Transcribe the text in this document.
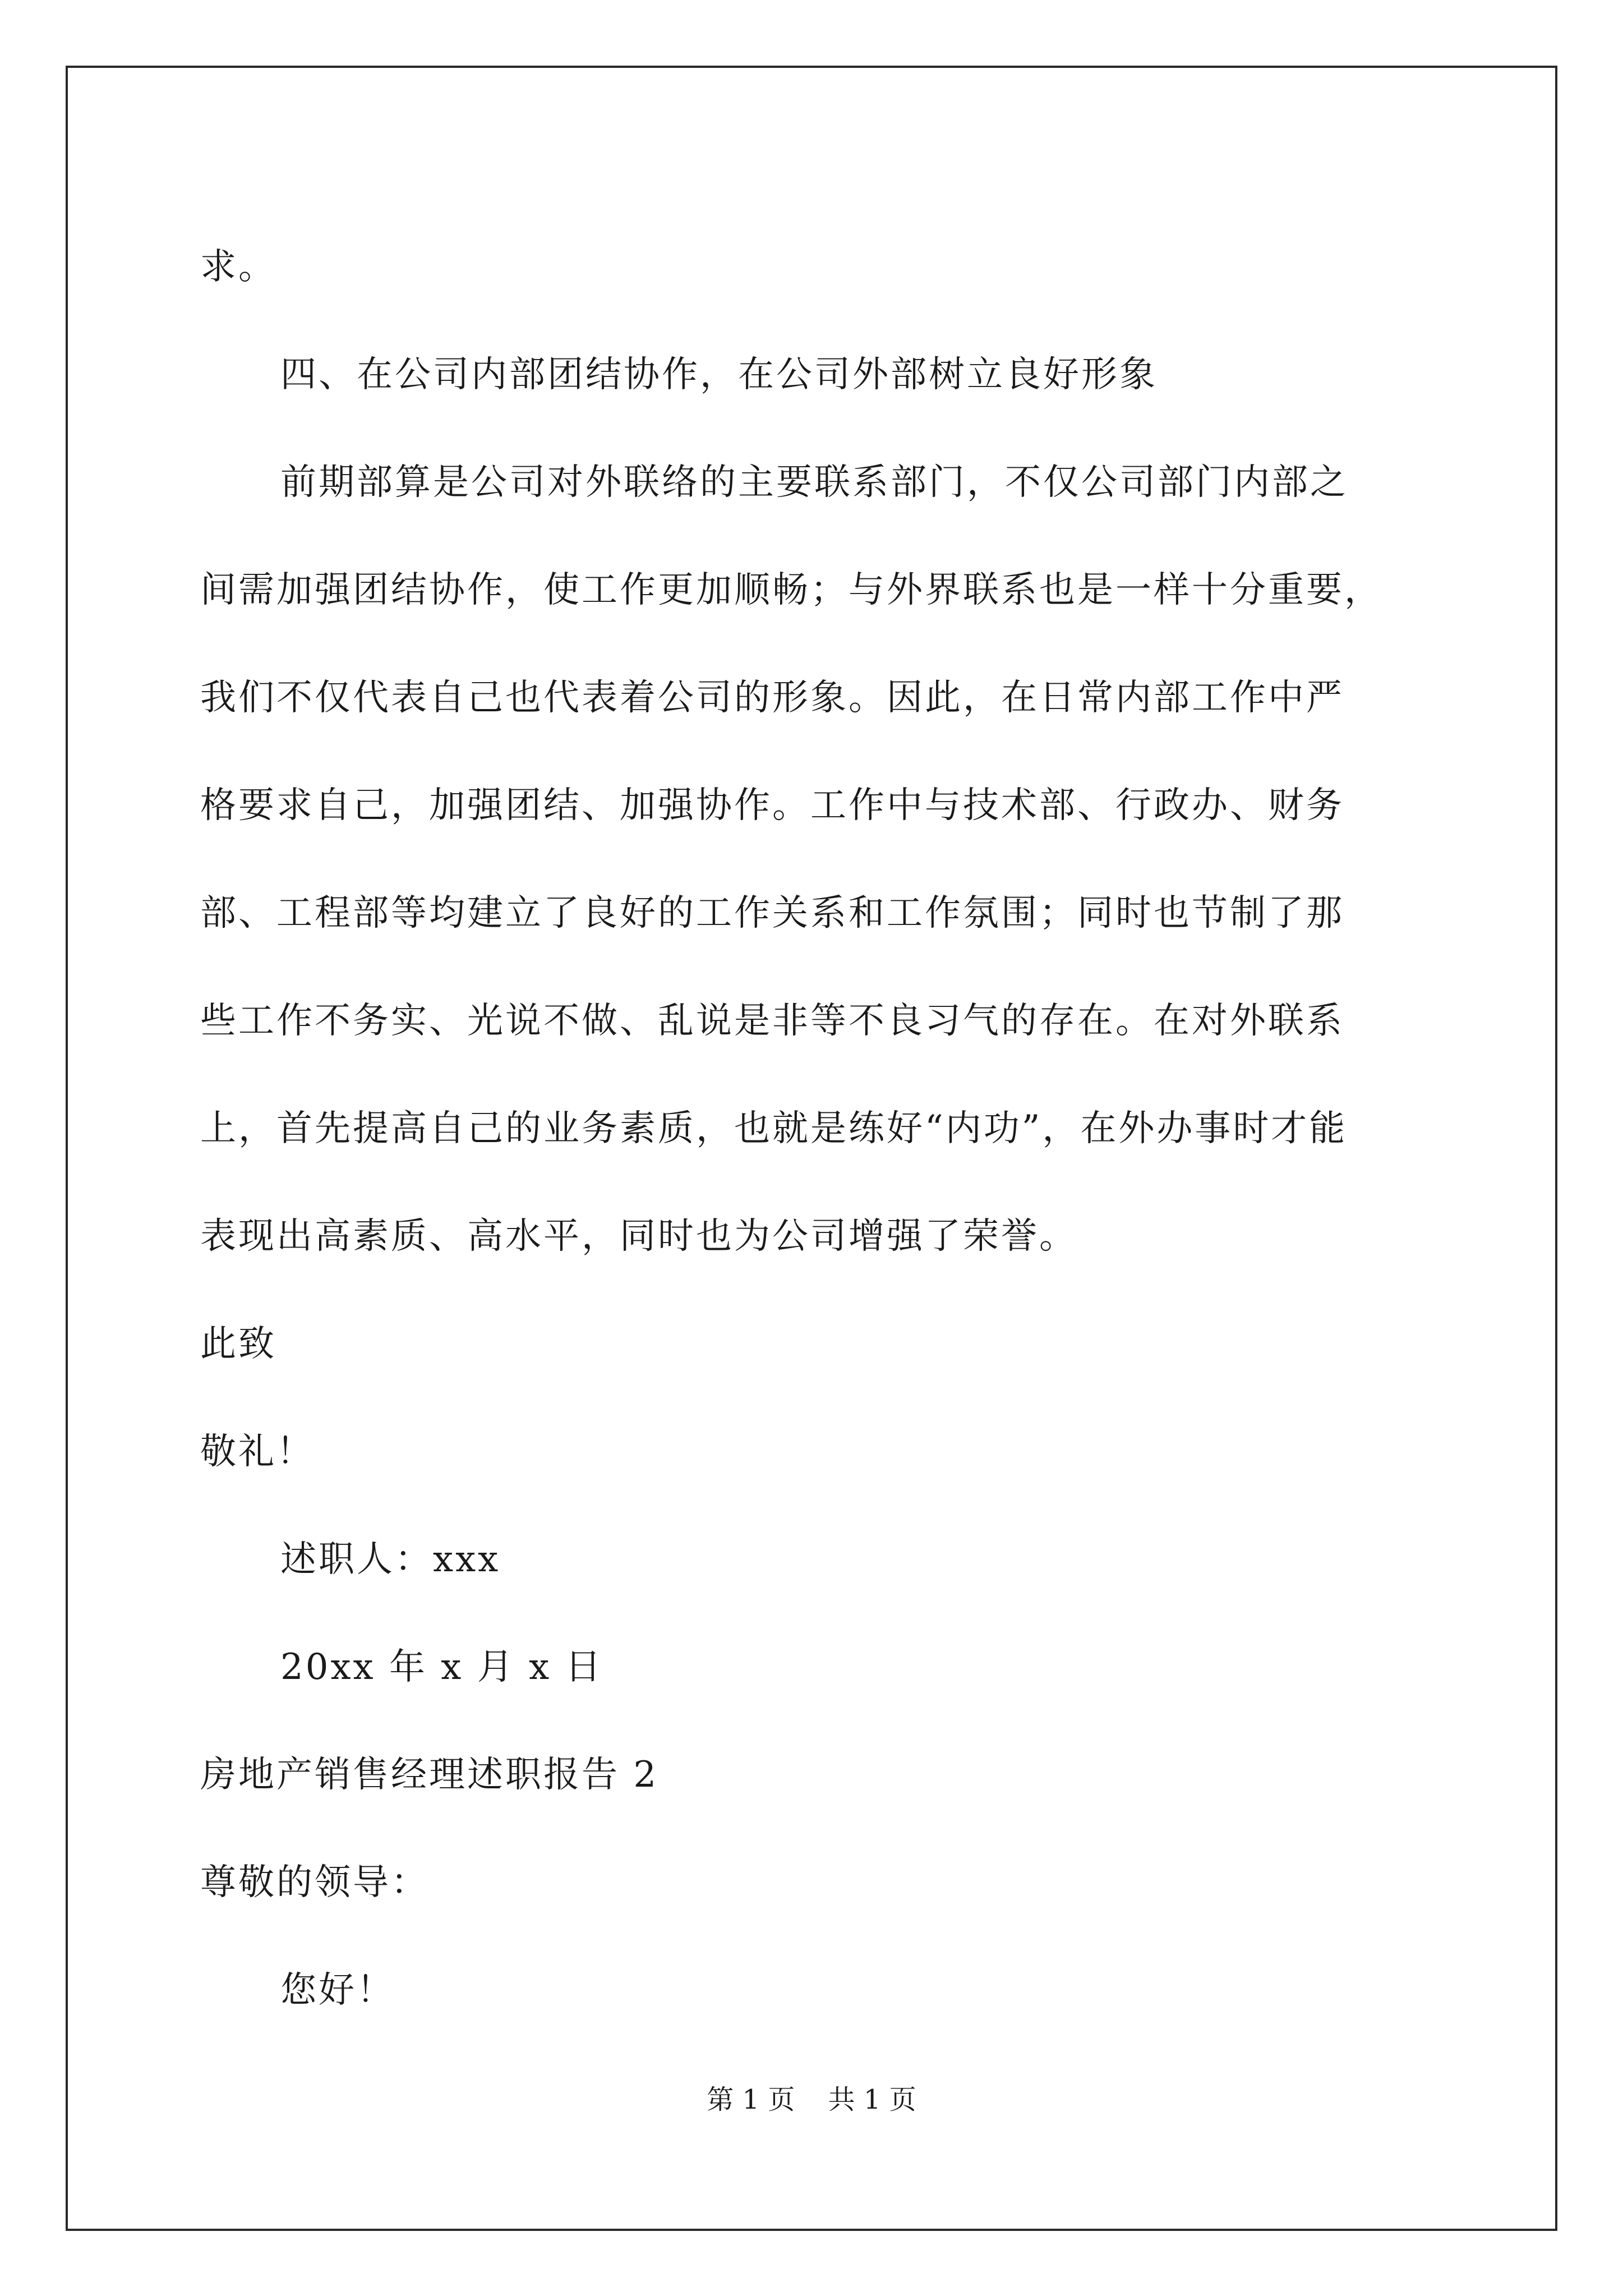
求。
四、在公司内部团结协作，在公司外部树立良好形象
前期部算是公司对外联络的主要联系部门，不仅公司部门内部之
间需加强团结协作，使工作更加顺畅；与外界联系也是一样十分重要，
我们不仅代表自己也代表着公司的形象。因此，在日常内部工作中严
格要求自己，加强团结、加强协作。工作中与技术部、行政办、财务
部、工程部等均建立了良好的工作关系和工作氛围；同时也节制了那
些工作不务实、光说不做、乱说是非等不良习气的存在。在对外联系
上，首先提高自己的业务素质，也就是练好“内功”，在外办事时才能
表现出高素质、高水平，同时也为公司增强了荣誉。
此致
敬礼！
述职人：xxx
20xx 年 x 月 x 日
房地产销售经理述职报告 2
尊敬的领导：
您好！
第 1 页 共 1 页
